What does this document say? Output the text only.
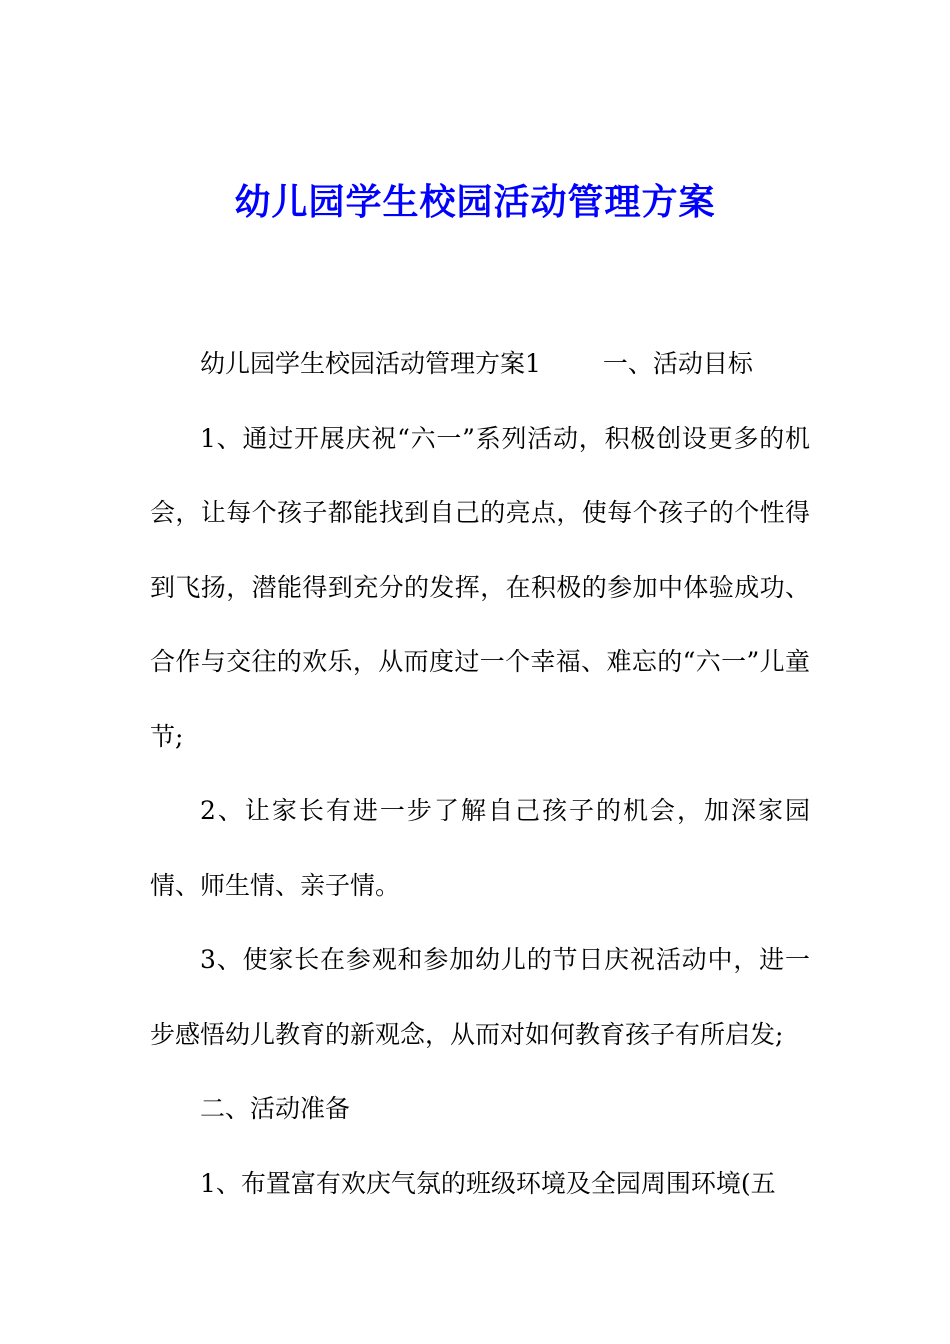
幼儿园学生校园活动管理方案

幼儿园学生校园活动管理方案1 一、活动目标

1、通过开展庆祝“六一”系列活动，积极创设更多的机会，让每个孩子都能找到自己的亮点，使每个孩子的个性得到飞扬，潜能得到充分的发挥，在积极的参加中体验成功、合作与交往的欢乐，从而度过一个幸福、难忘的“六一”儿童节;

2、让家长有进一步了解自己孩子的机会，加深家园情、师生情、亲子情。

3、使家长在参观和参加幼儿的节日庆祝活动中，进一步感悟幼儿教育的新观念，从而对如何教育孩子有所启发;

二、活动准备

1、布置富有欢庆气氛的班级环境及全园周围环境(五
